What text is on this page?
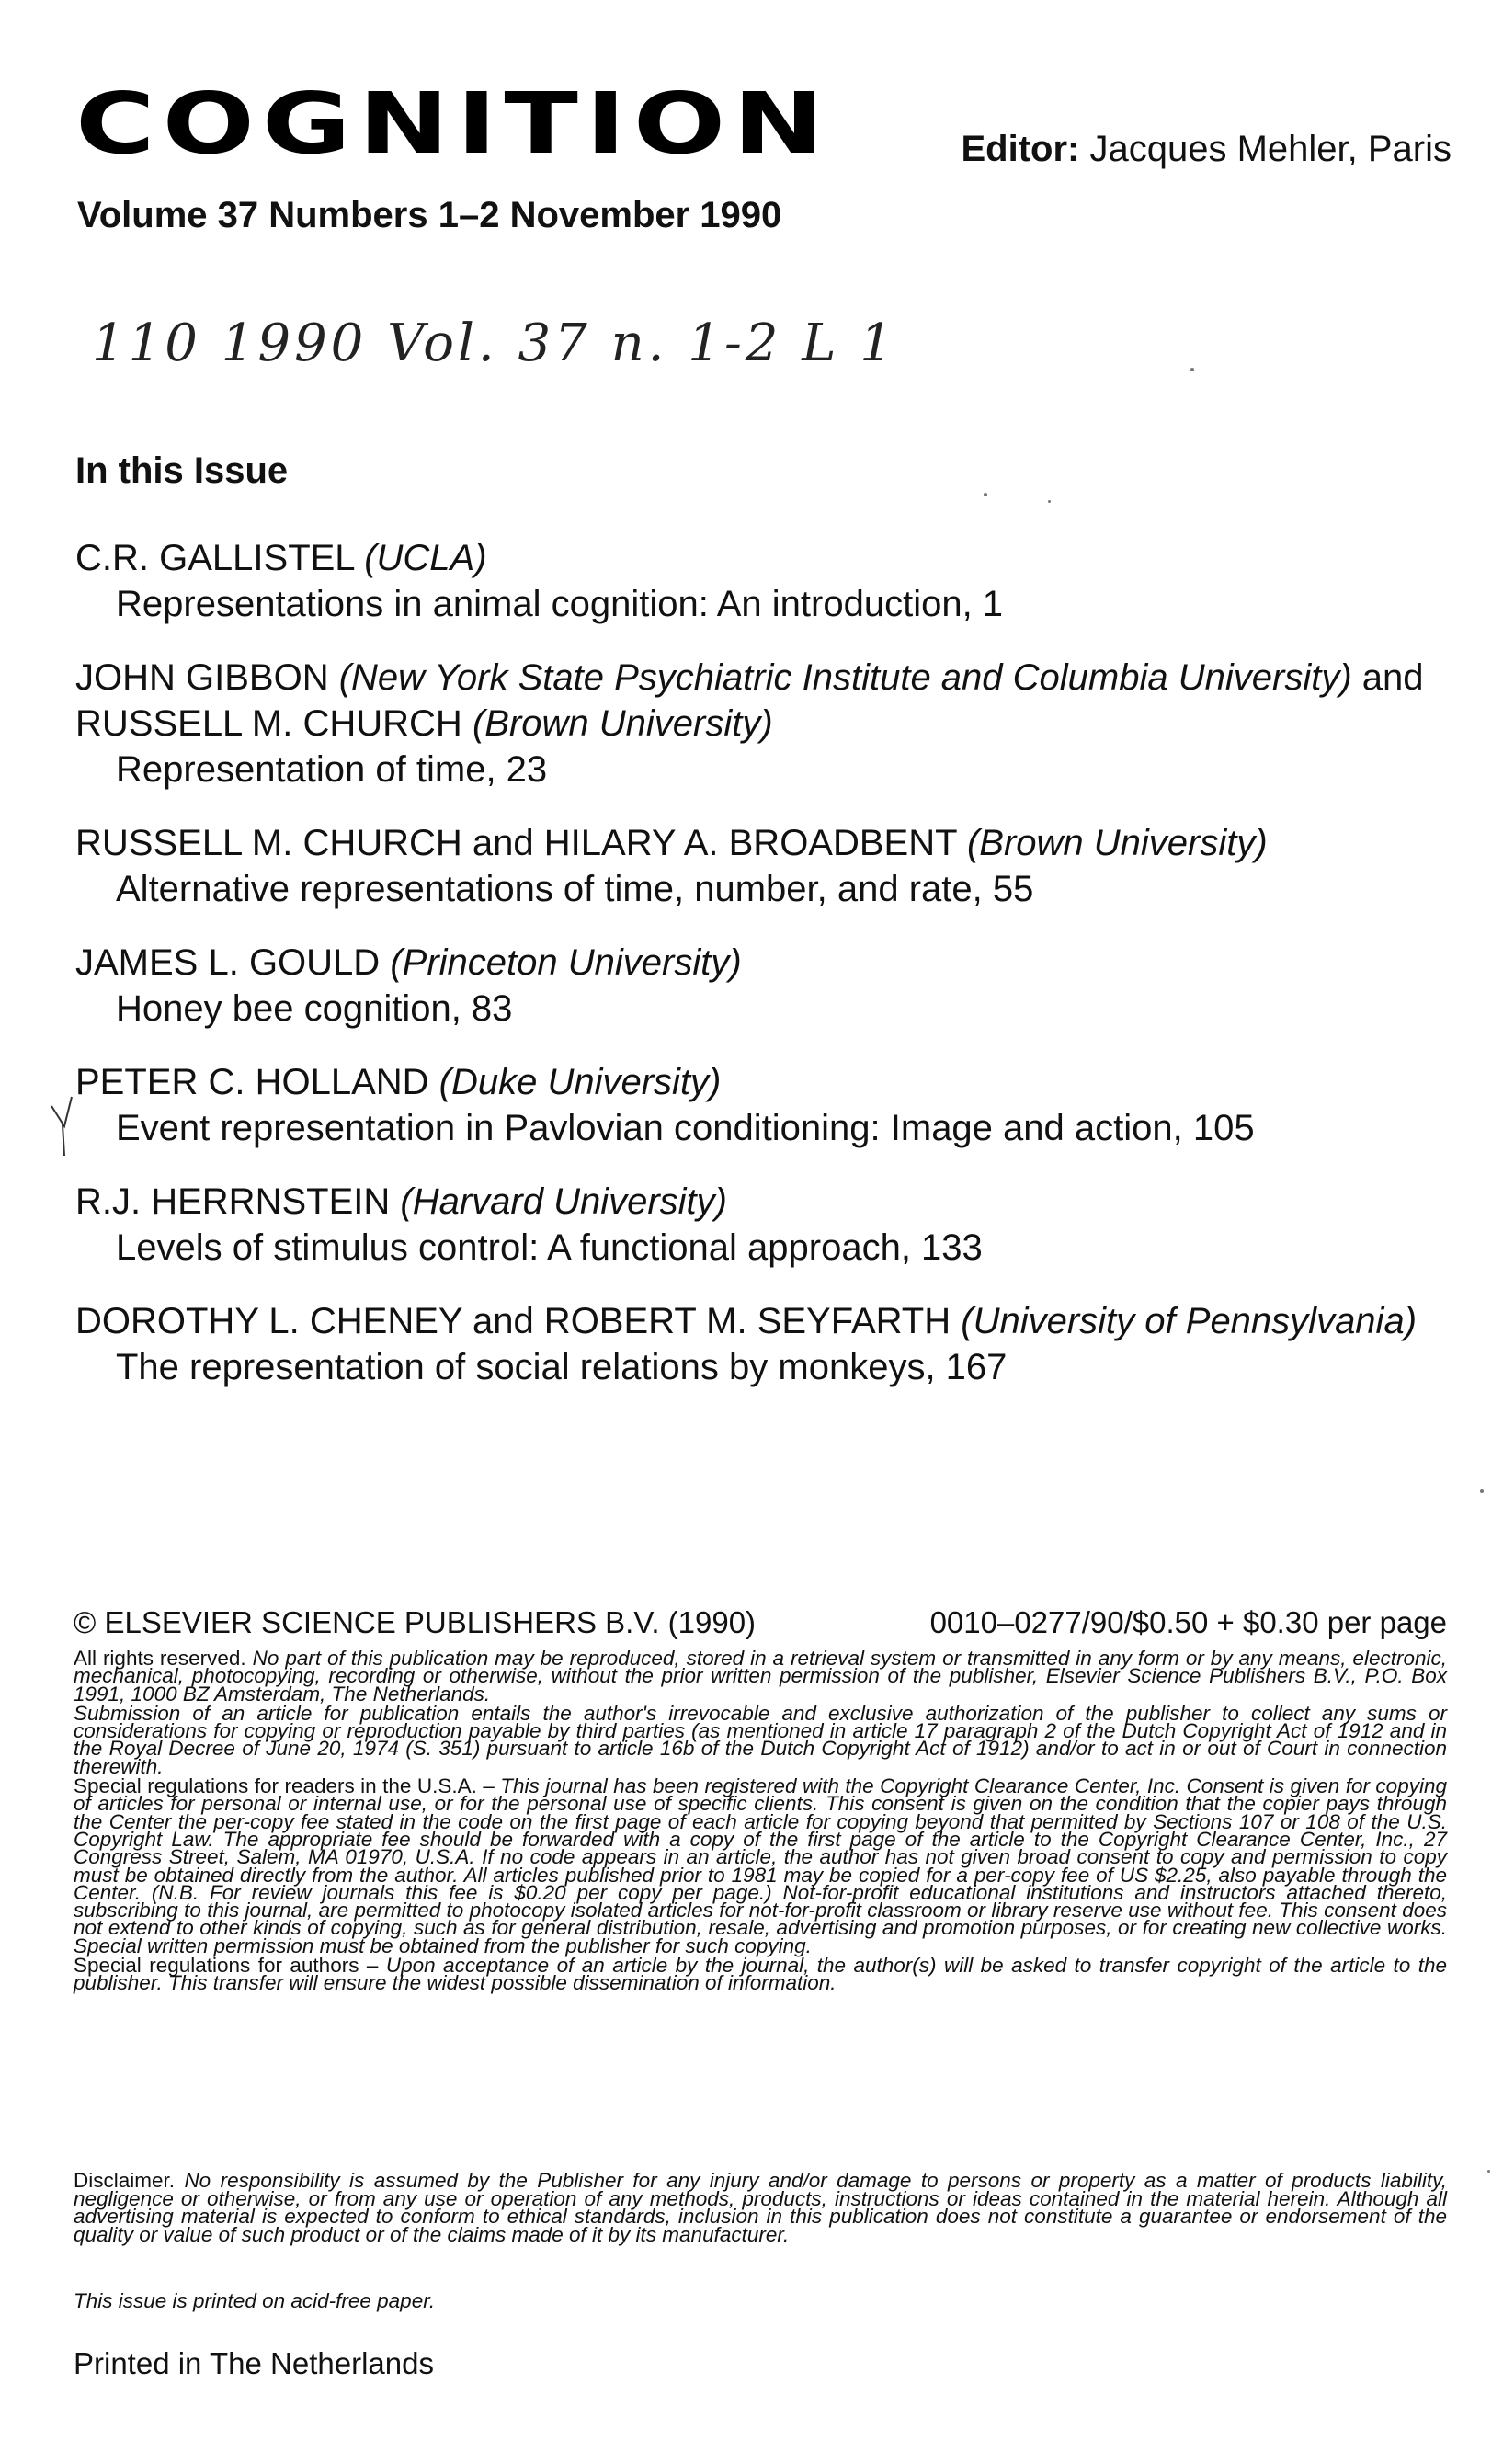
COGNITION	Editor: Jacques Mehler, Paris
Volume 37 Numbers 1–2 November 1990
110 1990 Vol. 37 n. 1-2 L 1
In this Issue
C.R. GALLISTEL (UCLA)
Representations in animal cognition: An introduction, 1
JOHN GIBBON (New York State Psychiatric Institute and Columbia University) and
RUSSELL M. CHURCH (Brown University)
Representation of time, 23
RUSSELL M. CHURCH and HILARY A. BROADBENT (Brown University)
Alternative representations of time, number, and rate, 55
JAMES L. GOULD (Princeton University)
Honey bee cognition, 83
PETER C. HOLLAND (Duke University)
Event representation in Pavlovian conditioning: Image and action, 105
R.J. HERRNSTEIN (Harvard University)
Levels of stimulus control: A functional approach, 133
DOROTHY L. CHENEY and ROBERT M. SEYFARTH (University of Pennsylvania)
The representation of social relations by monkeys, 167
© ELSEVIER SCIENCE PUBLISHERS B.V. (1990)	0010–0277/90/$0.50 + $0.30 per page

All rights reserved. No part of this publication may be reproduced, stored in a retrieval system or transmitted in any form or by any means, electronic, mechanical, photocopying, recording or otherwise, without the prior written permission of the publisher, Elsevier Science Publishers B.V., P.O. Box 1991, 1000 BZ Amsterdam, The Netherlands.

Submission of an article for publication entails the author's irrevocable and exclusive authorization of the publisher to collect any sums or considerations for copying or reproduction payable by third parties (as mentioned in article 17 paragraph 2 of the Dutch Copyright Act of 1912 and in the Royal Decree of June 20, 1974 (S. 351) pursuant to article 16b of the Dutch Copyright Act of 1912) and/or to act in or out of Court in connection therewith.

Special regulations for readers in the U.S.A. – This journal has been registered with the Copyright Clearance Center, Inc. Consent is given for copying of articles for personal or internal use, or for the personal use of specific clients. This consent is given on the condition that the copier pays through the Center the per-copy fee stated in the code on the first page of each article for copying beyond that permitted by Sections 107 or 108 of the U.S. Copyright Law. The appropriate fee should be forwarded with a copy of the first page of the article to the Copyright Clearance Center, Inc., 27 Congress Street, Salem, MA 01970, U.S.A. If no code appears in an article, the author has not given broad consent to copy and permission to copy must be obtained directly from the author. All articles published prior to 1981 may be copied for a per-copy fee of US $2.25, also payable through the Center. (N.B. For review journals this fee is $0.20 per copy per page.) Not-for-profit educational institutions and instructors attached thereto, subscribing to this journal, are permitted to photocopy isolated articles for not-for-profit classroom or library reserve use without fee. This consent does not extend to other kinds of copying, such as for general distribution, resale, advertising and promotion purposes, or for creating new collective works. Special written permission must be obtained from the publisher for such copying.

Special regulations for authors – Upon acceptance of an article by the journal, the author(s) will be asked to transfer copyright of the article to the publisher. This transfer will ensure the widest possible dissemination of information.

Disclaimer. No responsibility is assumed by the Publisher for any injury and/or damage to persons or property as a matter of products liability, negligence or otherwise, or from any use or operation of any methods, products, instructions or ideas contained in the material herein. Although all advertising material is expected to conform to ethical standards, inclusion in this publication does not constitute a guarantee or endorsement of the quality or value of such product or of the claims made of it by its manufacturer.
This issue is printed on acid-free paper.
Printed in The Netherlands
